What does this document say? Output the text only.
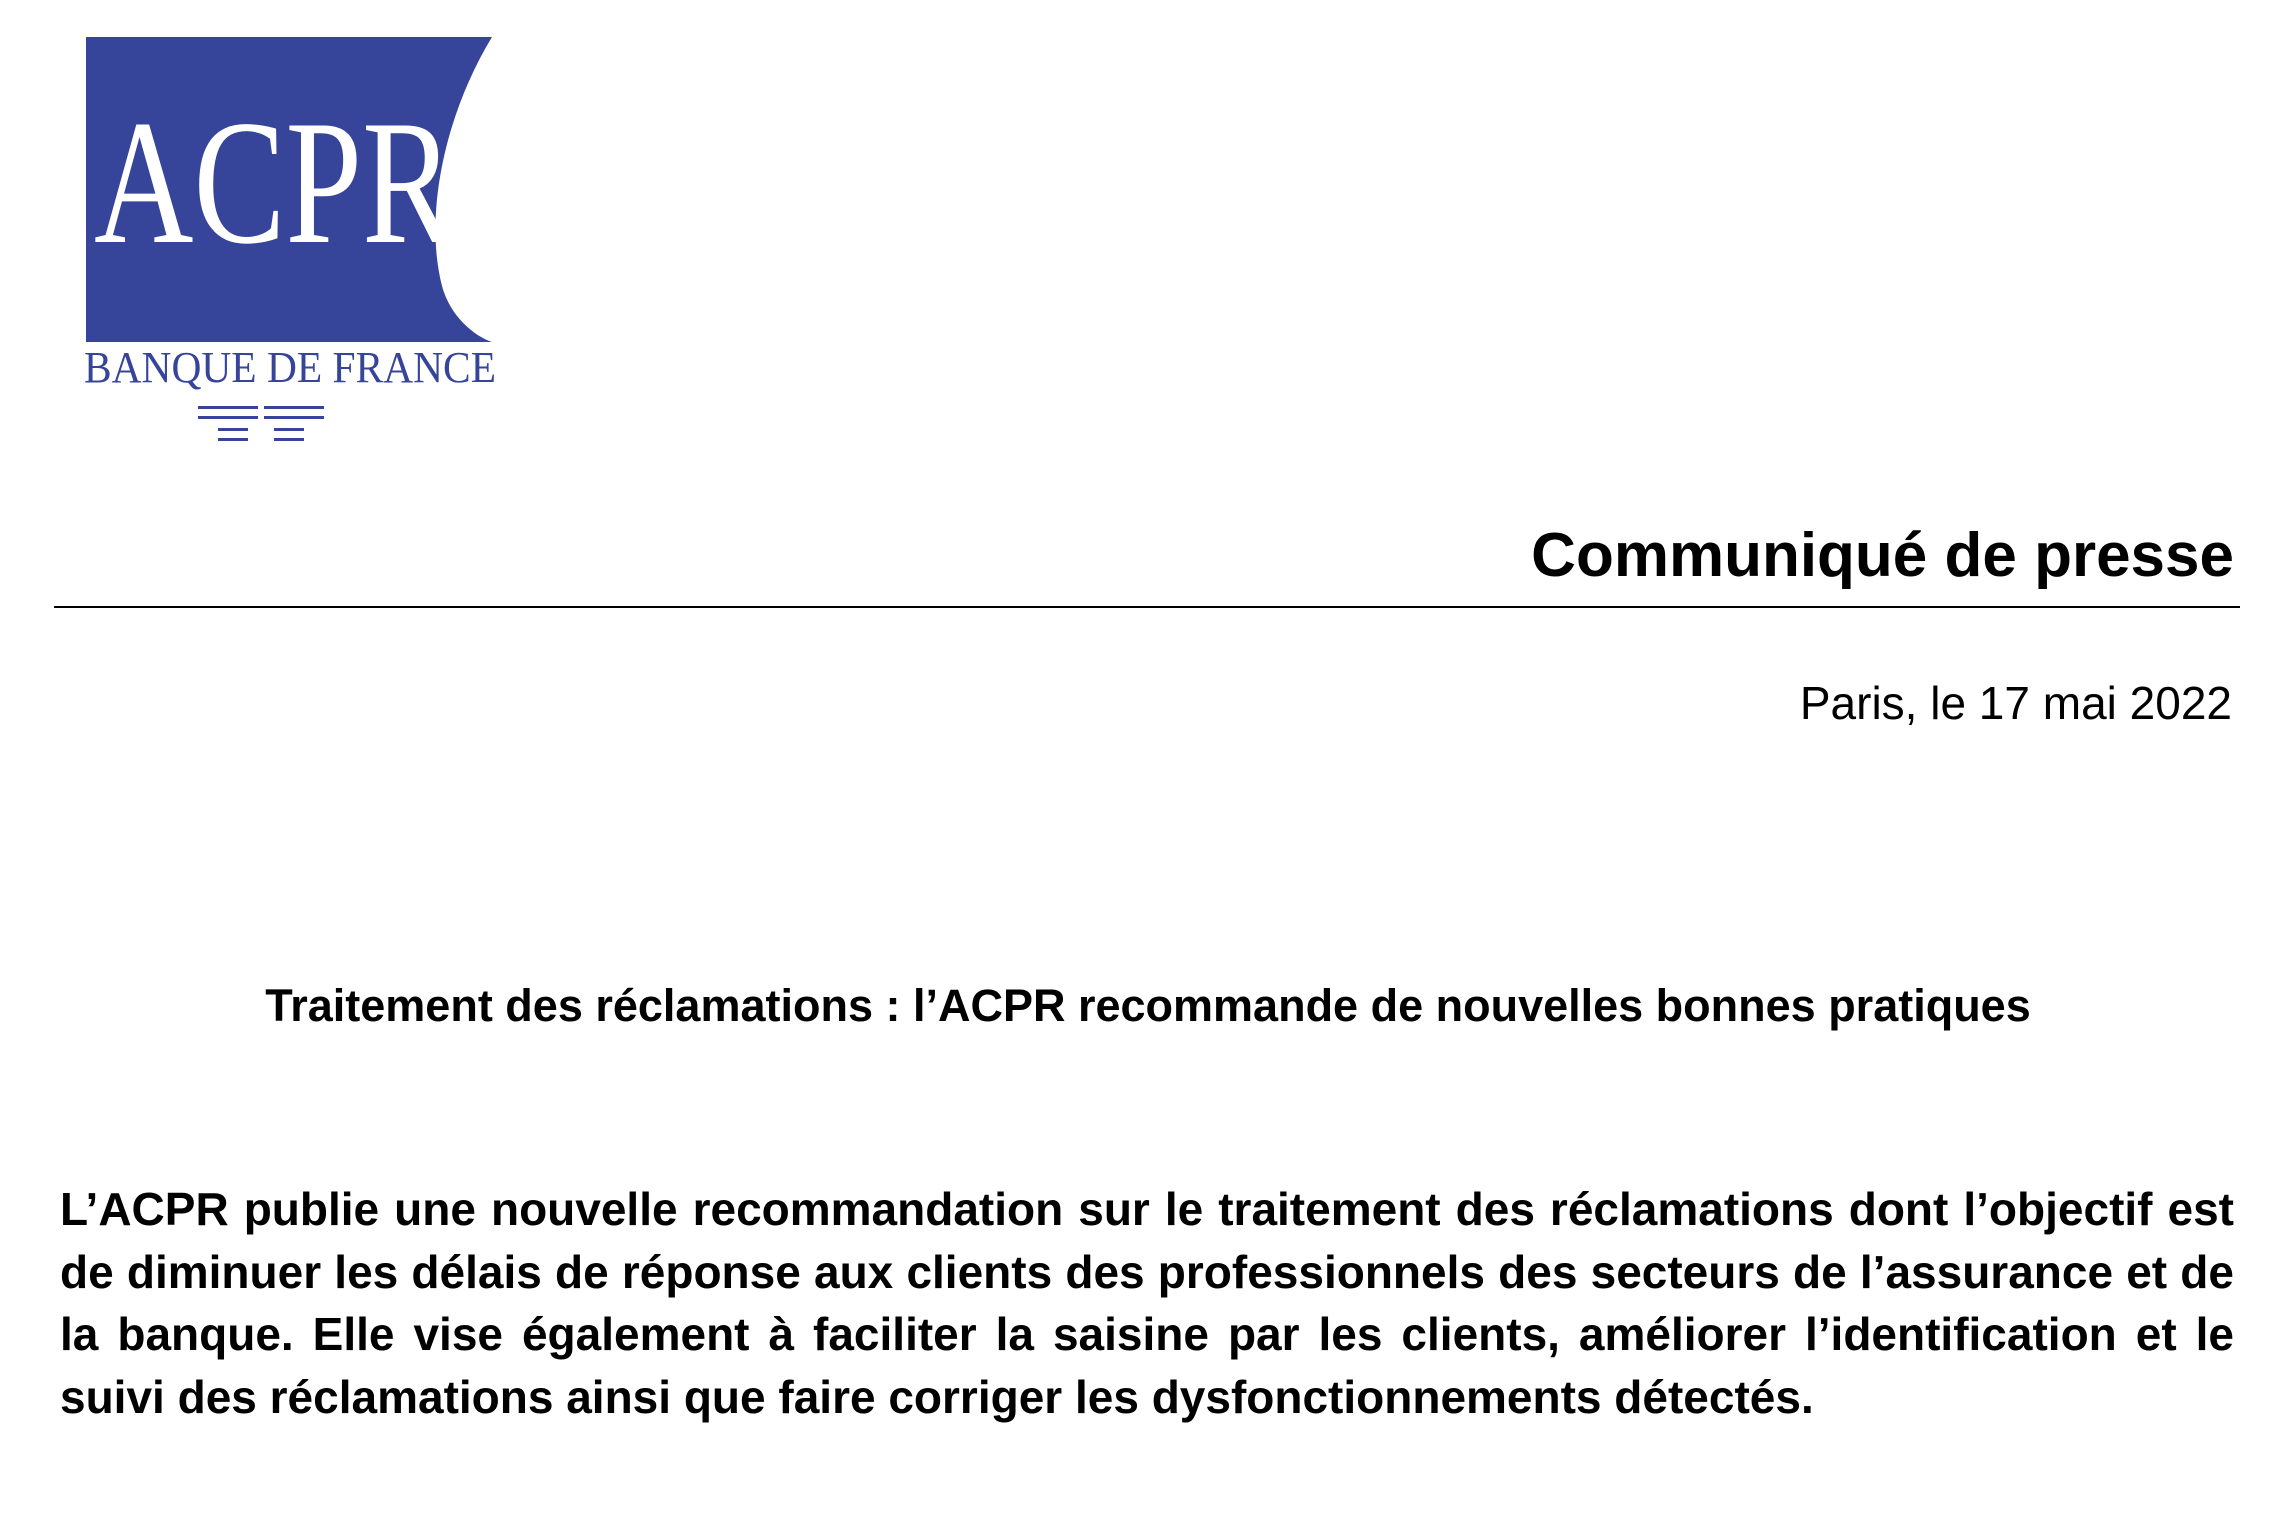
ACPR
BANQUE DE FRANCE
Communiqué de presse
Paris, le 17 mai 2022
Traitement des réclamations : l’ACPR recommande de nouvelles bonnes pratiques
L’ACPR publie une nouvelle recommandation sur le traitement des réclamations dont l’objectif est de diminuer les délais de réponse aux clients des professionnels des secteurs de l’assurance et de la banque. Elle vise également à faciliter la saisine par les clients, améliorer l’identification et le suivi des réclamations ainsi que faire corriger les dysfonctionnements détectés.
